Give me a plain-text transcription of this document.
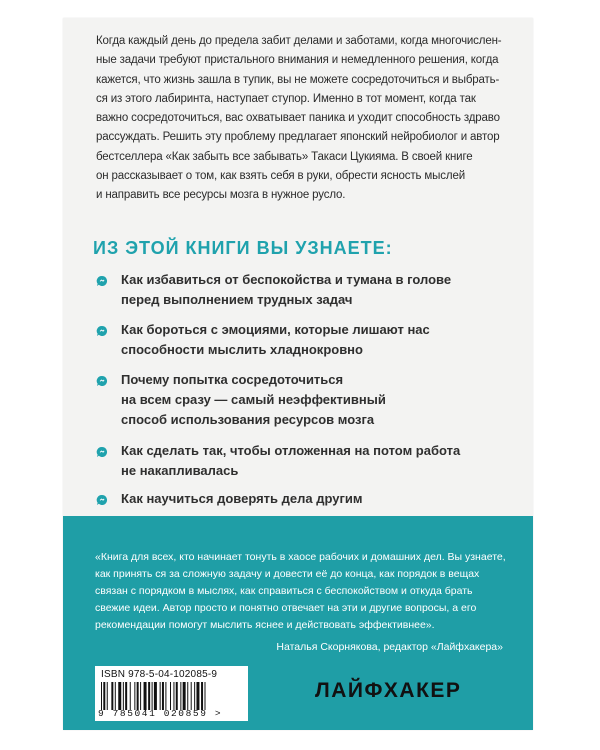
Когда каждый день до предела забит делами и заботами, когда многочислен-
ные задачи требуют пристального внимания и немедленного решения, когда
кажется, что жизнь зашла в тупик, вы не можете сосредоточиться и выбрать-
ся из этого лабиринта, наступает ступор. Именно в тот момент, когда так
важно сосредоточиться, вас охватывает паника и уходит способность здраво
рассуждать. Решить эту проблему предлагает японский нейробиолог и автор
бестселлера «Как забыть все забывать» Такаси Цукияма. В своей книге
он рассказывает о том, как взять себя в руки, обрести ясность мыслей
и направить все ресурсы мозга в нужное русло.
ИЗ ЭТОЙ КНИГИ ВЫ УЗНАЕТЕ:
Как избавиться от беспокойства и тумана в голове
перед выполнением трудных задач
Как бороться с эмоциями, которые лишают нас
способности мыслить хладнокровно
Почему попытка сосредоточиться
на всем сразу — самый неэффективный
способ использования ресурсов мозга
Как сделать так, чтобы отложенная на потом работа
не накапливалась
Как научиться доверять дела другим
«Книга для всех, кто начинает тонуть в хаосе рабочих и домашних дел. Вы узнаете,
как принять ся за сложную задачу и довести её до конца, как порядок в вещах
связан с порядком в мыслях, как справиться с беспокойством и откуда брать
свежие идеи. Автор просто и понятно отвечает на эти и другие вопросы, а его
рекомендации помогут мыслить яснее и действовать эффективнее».

Наталья Скорнякова, редактор «Лайфхакера»

ISBN 978-5-04-102085-9
9 785041 020859 >

ЛАЙФХАКЕР
